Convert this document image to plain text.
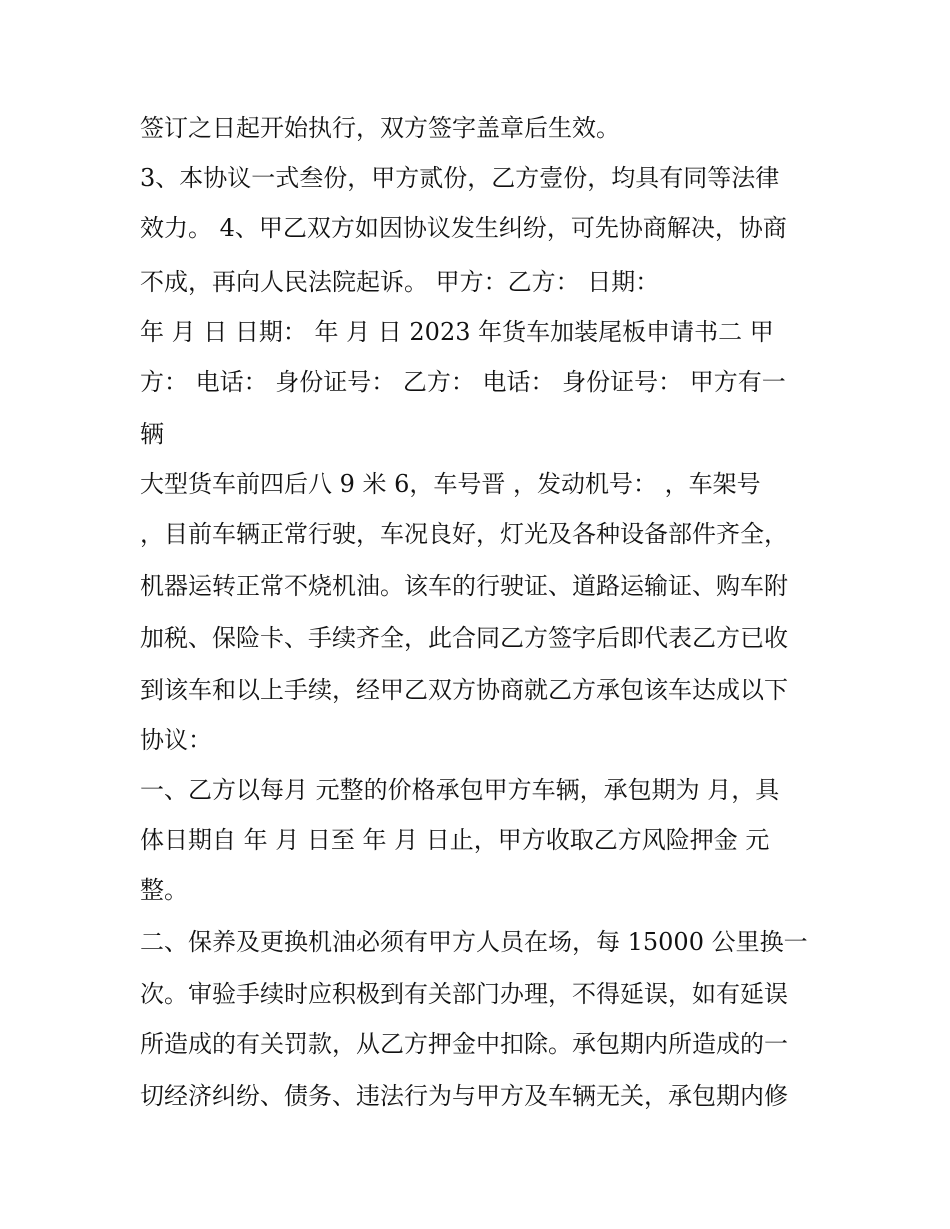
签订之日起开始执行，双方签字盖章后生效。
3、本协议一式叁份，甲方贰份，乙方壹份，均具有同等法律
效力。 4、甲乙双方如因协议发生纠纷，可先协商解决，协商
不成，再向人民法院起诉。 甲方：乙方： 日期：
年 月 日 日期： 年 月 日 2023 年货车加装尾板申请书二 甲
方： 电话： 身份证号： 乙方： 电话： 身份证号： 甲方有一
辆
大型货车前四后八 9 米 6，车号晋 ，发动机号： ，车架号
，目前车辆正常行驶，车况良好，灯光及各种设备部件齐全，
机器运转正常不烧机油。该车的行驶证、道路运输证、购车附
加税、保险卡、手续齐全，此合同乙方签字后即代表乙方已收
到该车和以上手续，经甲乙双方协商就乙方承包该车达成以下
协议：
一、乙方以每月 元整的价格承包甲方车辆，承包期为 月，具
体日期自 年 月 日至 年 月 日止，甲方收取乙方风险押金 元
整。
二、保养及更换机油必须有甲方人员在场，每 15000 公里换一
次。审验手续时应积极到有关部门办理，不得延误，如有延误
所造成的有关罚款，从乙方押金中扣除。承包期内所造成的一
切经济纠纷、债务、违法行为与甲方及车辆无关，承包期内修
